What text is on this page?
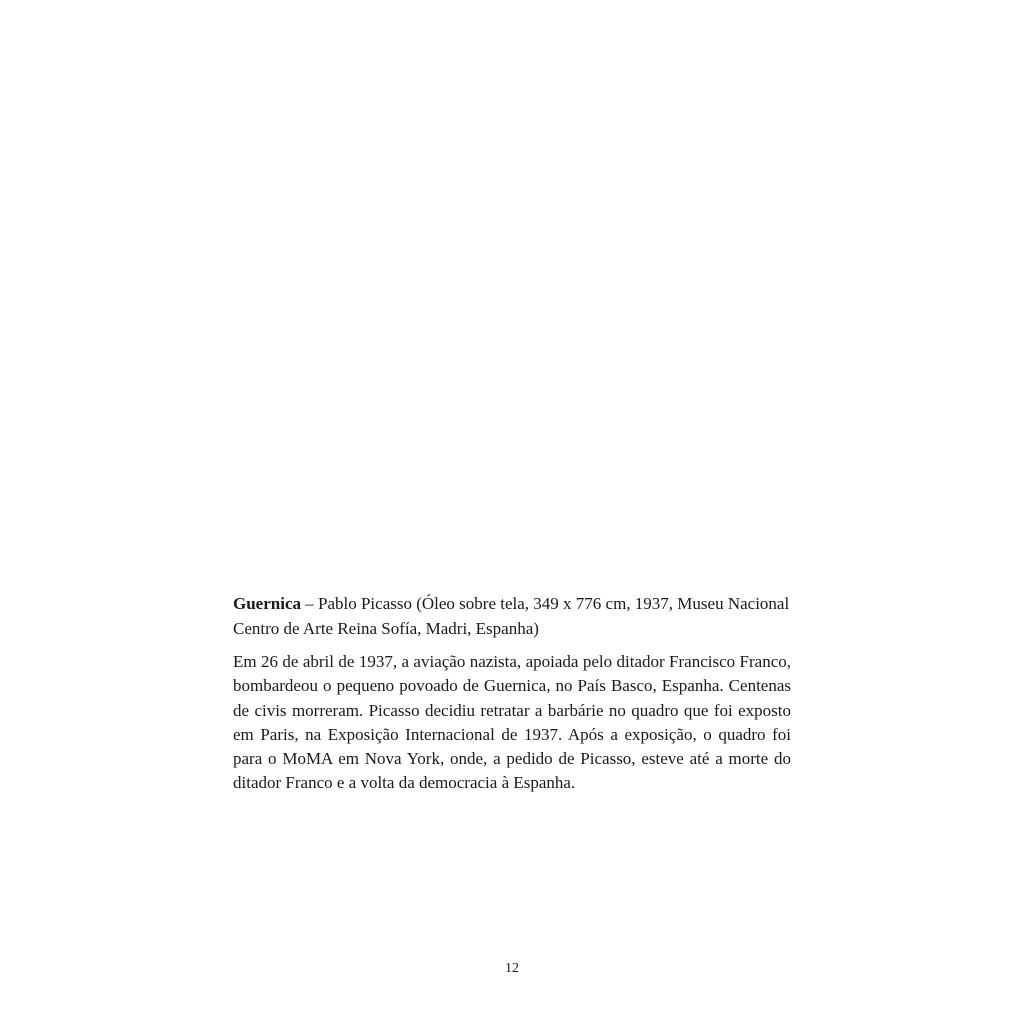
Guernica – Pablo Picasso (Óleo sobre tela, 349 x 776 cm, 1937, Museu Nacional Centro de Arte Reina Sofía, Madri, Espanha)

Em 26 de abril de 1937, a aviação nazista, apoiada pelo ditador Francisco Franco, bombardeou o pequeno povoado de Guernica, no País Basco, Espanha. Centenas de civis morreram. Picasso decidiu retratar a barbárie no quadro que foi exposto em Paris, na Exposição Internacional de 1937. Após a exposição, o quadro foi para o MoMA em Nova York, onde, a pedido de Picasso, esteve até a morte do ditador Franco e a volta da democracia à Espanha.

12
